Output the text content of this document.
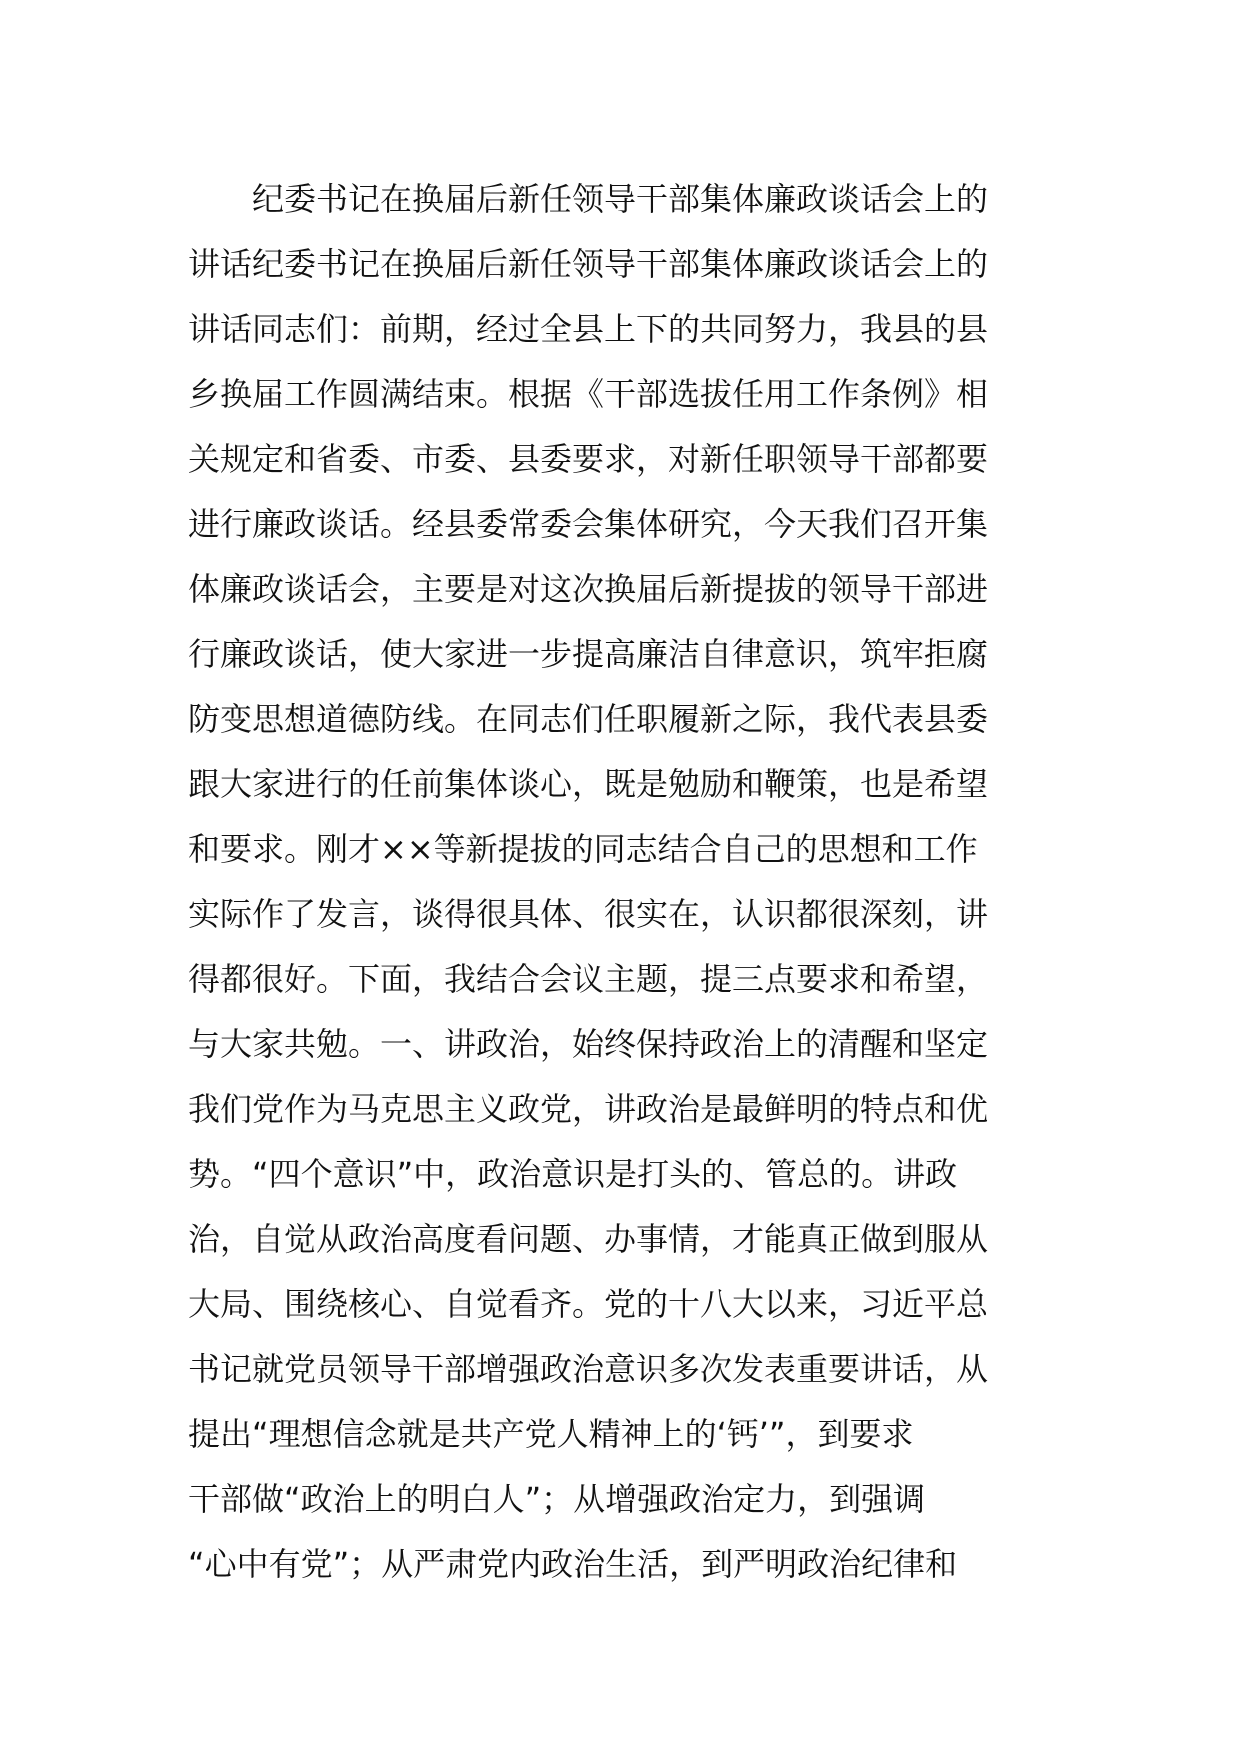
纪委书记在换届后新任领导干部集体廉政谈话会上的
讲话纪委书记在换届后新任领导干部集体廉政谈话会上的
讲话同志们：前期，经过全县上下的共同努力，我县的县
乡换届工作圆满结束。根据《干部选拔任用工作条例》相
关规定和省委、市委、县委要求，对新任职领导干部都要
进行廉政谈话。经县委常委会集体研究，今天我们召开集
体廉政谈话会，主要是对这次换届后新提拔的领导干部进
行廉政谈话，使大家进一步提高廉洁自律意识，筑牢拒腐
防变思想道德防线。在同志们任职履新之际，我代表县委
跟大家进行的任前集体谈心，既是勉励和鞭策，也是希望
和要求。刚才××等新提拔的同志结合自己的思想和工作
实际作了发言，谈得很具体、很实在，认识都很深刻，讲
得都很好。下面，我结合会议主题，提三点要求和希望，
与大家共勉。一、讲政治，始终保持政治上的清醒和坚定
我们党作为马克思主义政党，讲政治是最鲜明的特点和优
势。“四个意识”中，政治意识是打头的、管总的。讲政
治，自觉从政治高度看问题、办事情，才能真正做到服从
大局、围绕核心、自觉看齐。党的十八大以来，习近平总
书记就党员领导干部增强政治意识多次发表重要讲话，从
提出“理想信念就是共产党人精神上的‘钙’”，到要求
干部做“政治上的明白人”；从增强政治定力，到强调
“心中有党”；从严肃党内政治生活，到严明政治纪律和
